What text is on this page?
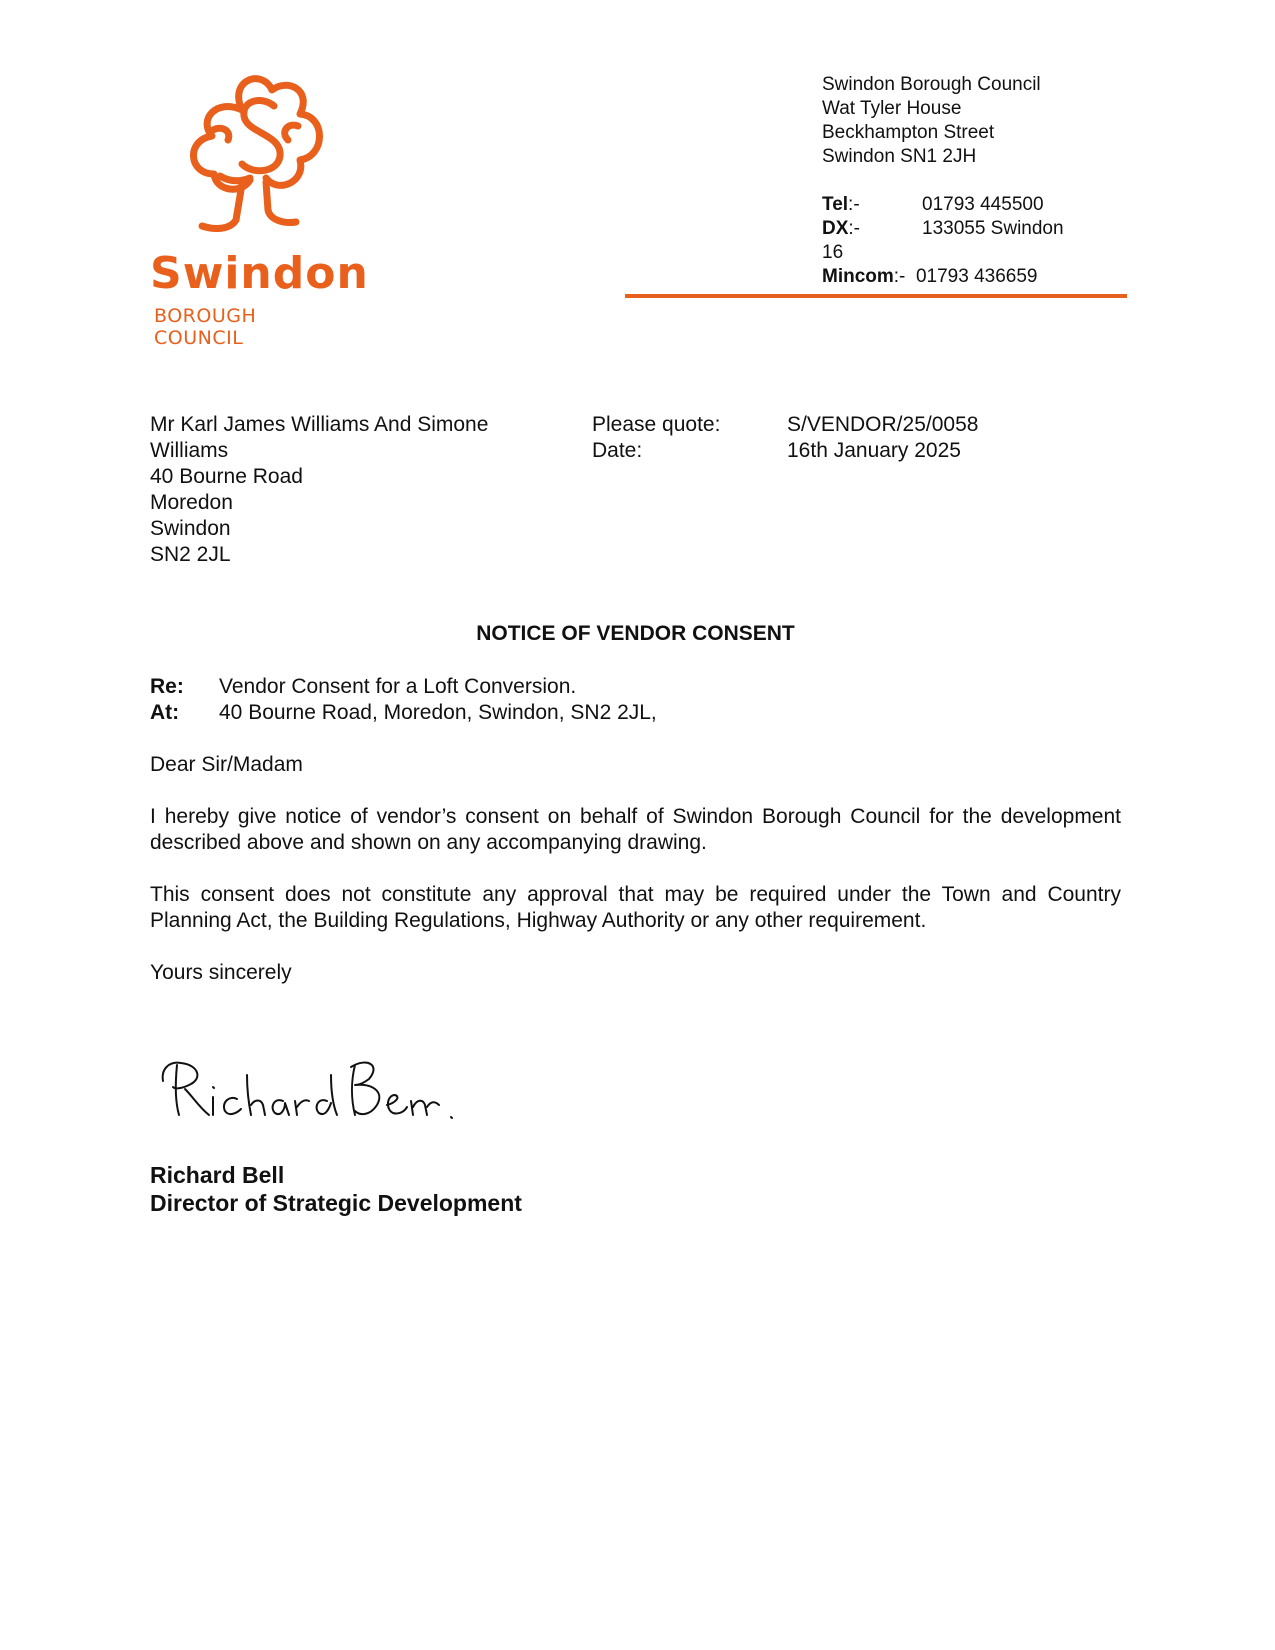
Swindon
BOROUGH COUNCIL
Swindon Borough Council
Wat Tyler House
Beckhampton Street
Swindon SN1 2JH
Tel:-	01793 445500
DX:-	133055 Swindon
16
Mincom:- 01793 436659
Mr Karl James Williams And Simone
Williams
40 Bourne Road
Moredon
Swindon
SN2 2JL
Please quote:	S/VENDOR/25/0058
Date:	16th January 2025
NOTICE OF VENDOR CONSENT
Re: Vendor Consent for a Loft Conversion.
At: 40 Bourne Road, Moredon, Swindon, SN2 2JL,
Dear Sir/Madam
I hereby give notice of vendor’s consent on behalf of Swindon Borough Council for the development described above and shown on any accompanying drawing.
This consent does not constitute any approval that may be required under the Town and Country Planning Act, the Building Regulations, Highway Authority or any other requirement.
Yours sincerely
Richard Bell
Director of Strategic Development
